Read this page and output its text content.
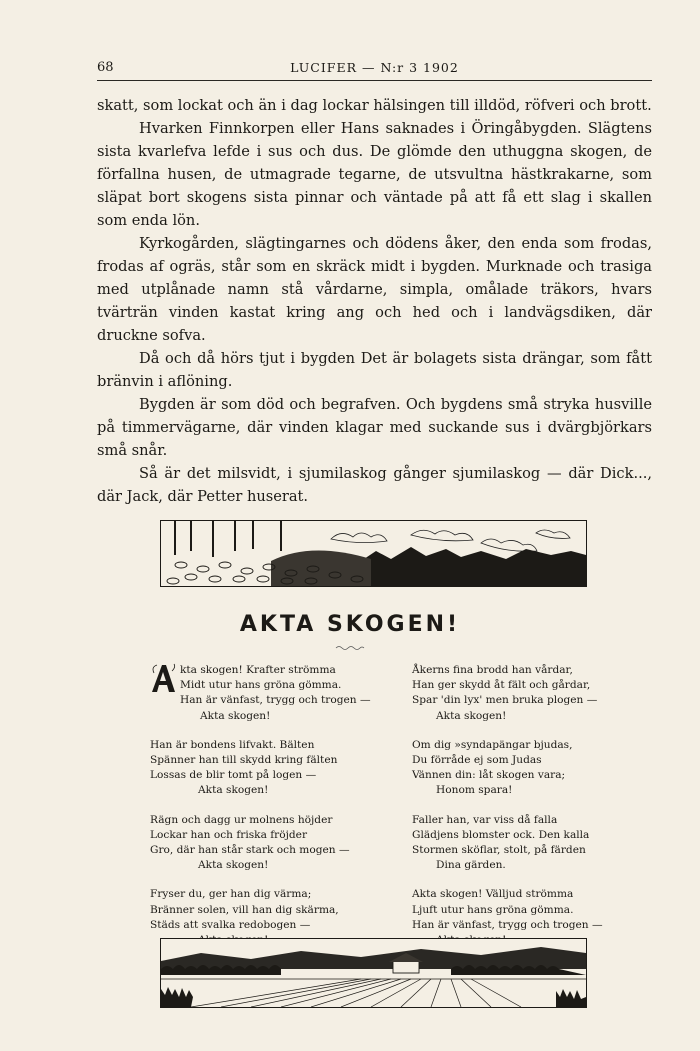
68	LUCIFER — N:r 3 1902

skatt, som lockat och än i dag lockar hälsingen till illdöd, röfveri och brott.

Hvarken Finnkorpen eller Hans saknades i Öringåbygden. Slägtens sista kvarlefva lefde i sus och dus. De glömde den uthuggna skogen, de förfallna husen, de utmagrade tegarne, de utsvultna hästkrakarne, som släpat bort skogens sista pinnar och väntade på att få ett slag i skallen som enda lön.

Kyrkogården, slägtingarnes och dödens åker, den enda som frodas, frodas af ogräs, står som en skräck midt i bygden. Murknade och trasiga med utplånade namn stå vårdarne, simpla, omålade träkors, hvars tvärträn vinden kastat kring ang och hed och i landvägsdiken, där druckne sofva.

Då och då hörs tjut i bygden Det är bolagets sista drängar, som fått bränvin i aflöning.

Bygden är som död och begrafven. Och bygdens små stryka husville på timmervägarne, där vinden klagar med suckande sus i dvärgbjörkars små snår.

Så är det milsvidt, i sjumilaskog gånger sjumilaskog — där Dick..., där Jack, där Petter huserat.

AKTA SKOGEN!
kta skogen! Krafter strömma
Midt utur hans gröna gömma.
Han är vänfast, trygg och trogen —
Akta skogen!
Han är bondens lifvakt. Bälten
Spänner han till skydd kring fälten
Lossas de blir tomt på logen —
Akta skogen!
Rägn och dagg ur molnens höjder
Lockar han och friska fröjder
Gro, där han står stark och mogen —
Akta skogen!
Fryser du, ger han dig värma;
Bränner solen, vill han dig skärma,
Städs att svalka redobogen —
Åkerns fina brodd han vårdar,
Han ger skydd åt fält och gårdar,
Spar 'din lyx' men bruka plogen —
Akta skogen!
Om dig »syndapängar bjudas,
Du förråde ej som Judas
Vännen din: låt skogen vara;
Honom spara!
Faller han, var viss då falla
Glädjens blomster ock. Den kalla
Stormen sköflar, stolt, på färden
Dina gärden.
Akta skogen! Välljud strömma
Ljuft utur hans gröna gömma.
Han är vänfast, trygg och trogen —
